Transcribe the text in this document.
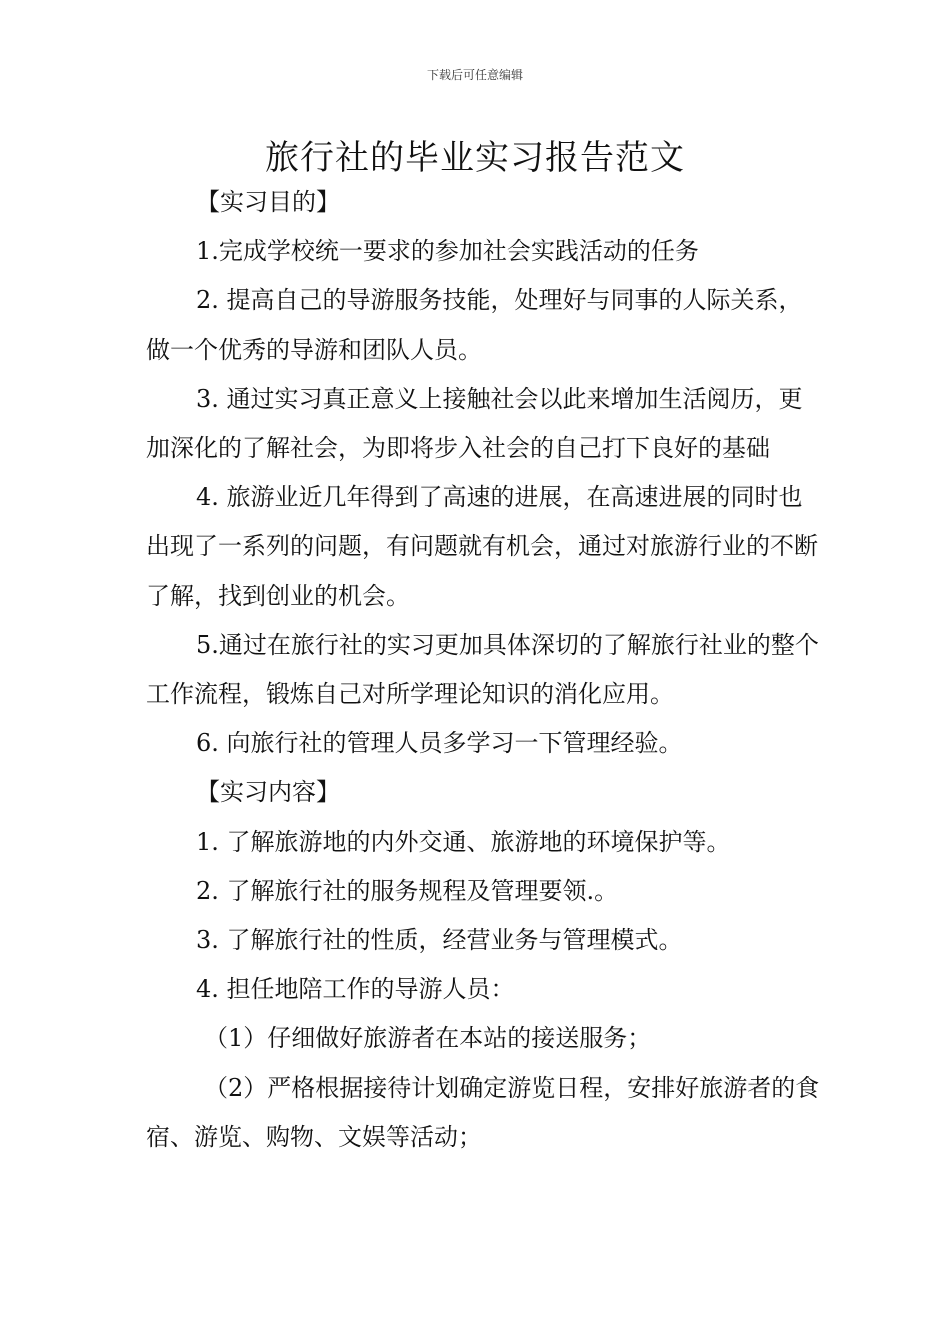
下载后可任意编辑
旅行社的毕业实习报告范文

【实习目的】

1.完成学校统一要求的参加社会实践活动的任务

2. 提高自己的导游服务技能，处理好与同事的人际关系，做一个优秀的导游和团队人员。

3. 通过实习真正意义上接触社会以此来增加生活阅历，更加深化的了解社会，为即将步入社会的自己打下良好的基础

4. 旅游业近几年得到了高速的进展，在高速进展的同时也出现了一系列的问题，有问题就有机会，通过对旅游行业的不断了解，找到创业的机会。

5.通过在旅行社的实习更加具体深切的了解旅行社业的整个工作流程，锻炼自己对所学理论知识的消化应用。

6. 向旅行社的管理人员多学习一下管理经验。

【实习内容】

1. 了解旅游地的内外交通、旅游地的环境保护等。

2. 了解旅行社的服务规程及管理要领.。

3. 了解旅行社的性质，经营业务与管理模式。

4. 担任地陪工作的导游人员：

（1）仔细做好旅游者在本站的接送服务；

（2）严格根据接待计划确定游览日程，安排好旅游者的食宿、游览、购物、文娱等活动；
